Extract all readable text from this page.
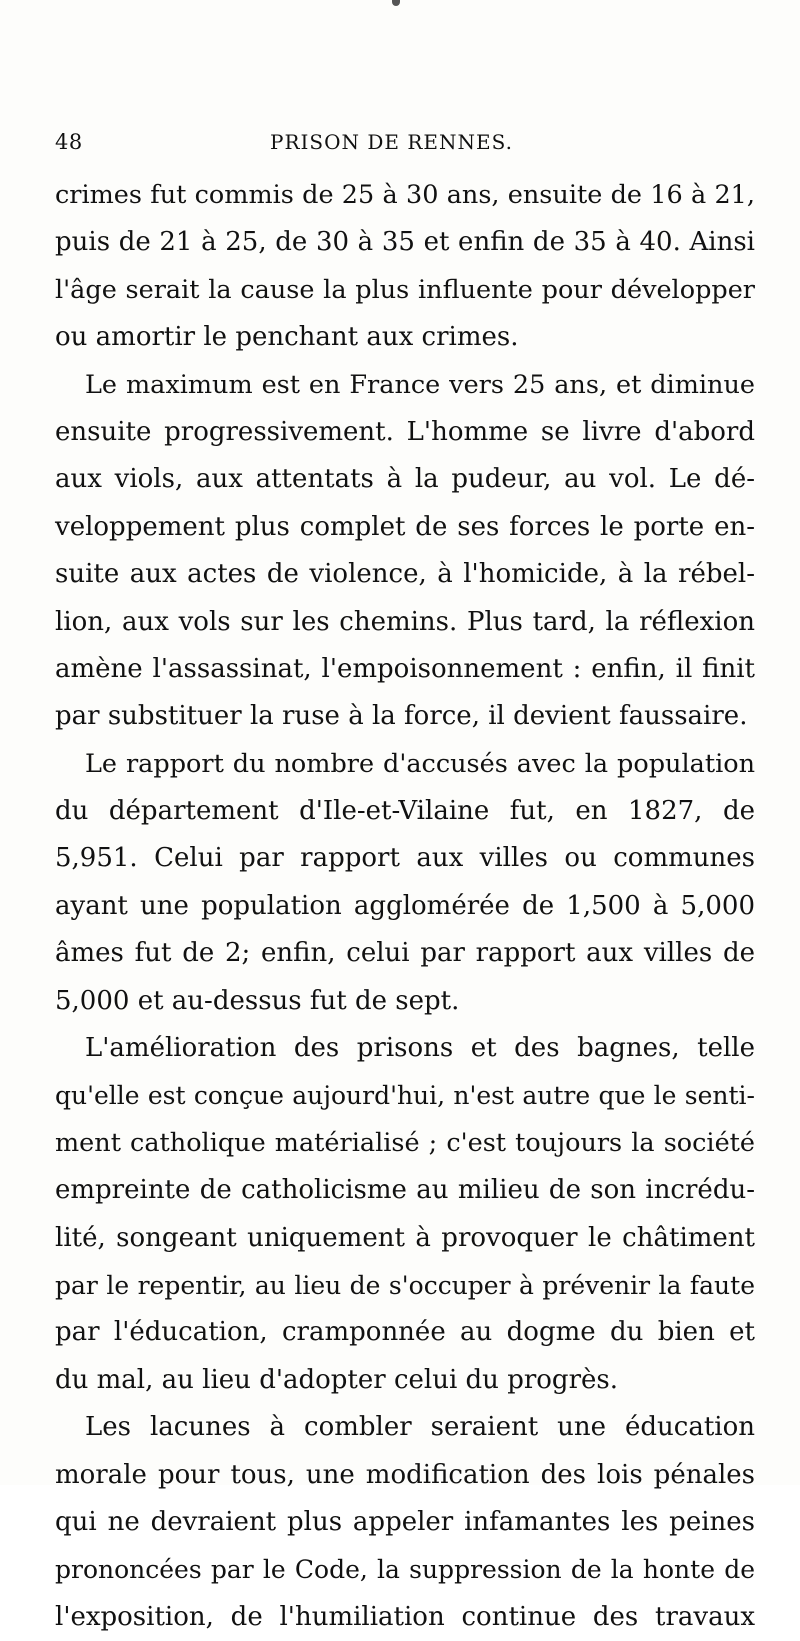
48	PRISON DE RENNES.
crimes fut commis de 25 à 30 ans, ensuite de 16 à 21,
puis de 21 à 25, de 30 à 35 et enfin de 35 à 40. Ainsi
l'âge serait la cause la plus influente pour développer
ou amortir le penchant aux crimes.
Le maximum est en France vers 25 ans, et diminue
ensuite progressivement. L'homme se livre d'abord
aux viols, aux attentats à la pudeur, au vol. Le dé-
veloppement plus complet de ses forces le porte en-
suite aux actes de violence, à l'homicide, à la rébel-
lion, aux vols sur les chemins. Plus tard, la réflexion
amène l'assassinat, l'empoisonnement : enfin, il finit
par substituer la ruse à la force, il devient faussaire.
Le rapport du nombre d'accusés avec la population
du département d'Ile-et-Vilaine fut, en 1827, de
5,951. Celui par rapport aux villes ou communes
ayant une population agglomérée de 1,500 à 5,000
âmes fut de 2; enfin, celui par rapport aux villes de
5,000 et au-dessus fut de sept.
L'amélioration des prisons et des bagnes, telle
qu'elle est conçue aujourd'hui, n'est autre que le senti-
ment catholique matérialisé ; c'est toujours la société
empreinte de catholicisme au milieu de son incrédu-
lité, songeant uniquement à provoquer le châtiment
par le repentir, au lieu de s'occuper à prévenir la faute
par l'éducation, cramponnée au dogme du bien et
du mal, au lieu d'adopter celui du progrès.
Les lacunes à combler seraient une éducation
morale pour tous, une modification des lois pénales
qui ne devraient plus appeler infamantes les peines
prononcées par le Code, la suppression de la honte de
l'exposition, de l'humiliation continue des travaux
